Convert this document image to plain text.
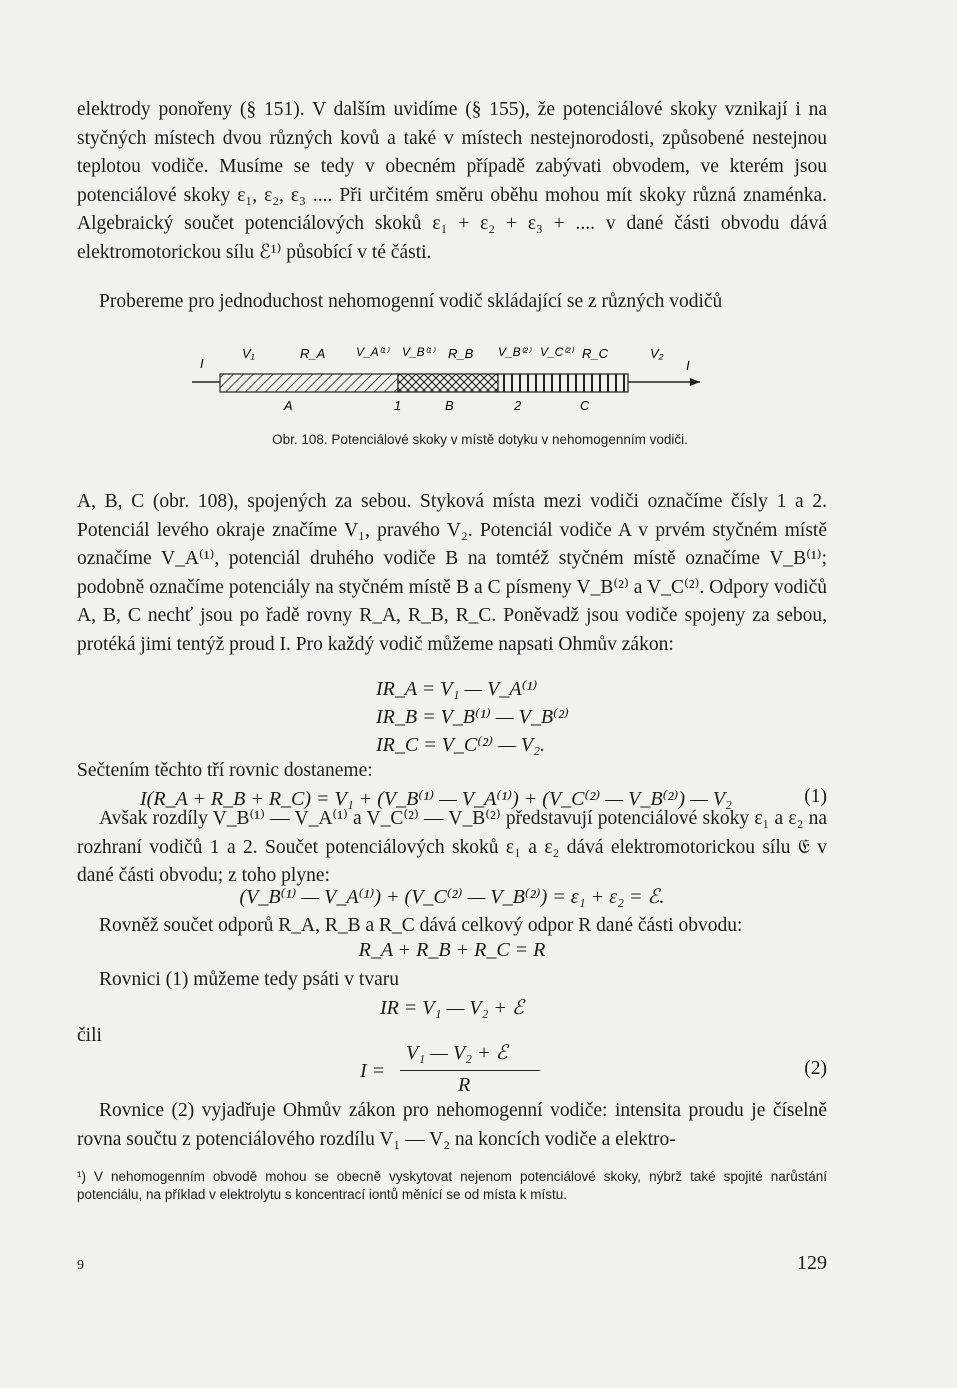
elektrody ponořeny (§ 151). V dalším uvidíme (§ 155), že potenciálové skoky vznikají i na styčných místech dvou různých kovů a také v místech nestejnorodosti, způsobené nestejnou teplotou vodiče. Musíme se tedy v obecném případě zabývati obvodem, ve kterém jsou potenciálové skoky ε₁, ε₂, ε₃ .... Při určitém směru oběhu mohou mít skoky různá znaménka. Algebraický součet potenciálových skoků ε₁ + ε₂ + ε₃ + .... v dané části obvodu dává elektromotorickou sílu ℰ¹⁾ působící v té části.

Probereme pro jednoduchost nehomogenní vodič skládající se z různých vodičů

I
V₁	R_A	V_A⁽¹⁾ V_B⁽¹⁾ R_B V_B⁽²⁾ V_C⁽²⁾ R_C	V₂
I
A	1	B	2	C
Obr. 108. Potenciálové skoky v místě dotyku v nehomogenním vodiči.

A, B, C (obr. 108), spojených za sebou. Styková místa mezi vodiči označíme čísly 1 a 2. Potenciál levého okraje značíme V₁, pravého V₂. Potenciál vodiče A v prvém styčném místě označíme V_A⁽¹⁾, potenciál druhého vodiče B na tomtéž styčném místě označíme V_B⁽¹⁾; podobně označíme potenciály na styčném místě B a C písmeny V_B⁽²⁾ a V_C⁽²⁾. Odpory vodičů A, B, C nechť jsou po řadě rovny R_A, R_B, R_C. Poněvadž jsou vodiče spojeny za sebou, protéká jimi tentýž proud I. Pro každý vodič můžeme napsati Ohmův zákon:

IR_A = V₁ — V_A⁽¹⁾
IR_B = V_B⁽¹⁾ — V_B⁽²⁾
IR_C = V_C⁽²⁾ — V₂.

Sečtením těchto tří rovnic dostaneme:

I(R_A + R_B + R_C) = V₁ + (V_B⁽¹⁾ — V_A⁽¹⁾) + (V_C⁽²⁾ — V_B⁽²⁾) — V₂	(1)

Avšak rozdíly V_B⁽¹⁾ — V_A⁽¹⁾ a V_C⁽²⁾ — V_B⁽²⁾ představují potenciálové skoky ε₁ a ε₂ na rozhraní vodičů 1 a 2. Součet potenciálových skoků ε₁ a ε₂ dává elektromotorickou sílu 𝔈 v dané části obvodu; z toho plyne:

(V_B⁽¹⁾ — V_A⁽¹⁾) + (V_C⁽²⁾ — V_B⁽²⁾) = ε₁ + ε₂ = ℰ.

Rovněž součet odporů R_A, R_B a R_C dává celkový odpor R dané části obvodu:

R_A + R_B + R_C = R

Rovnici (1) můžeme tedy psáti v tvaru

IR = V₁ — V₂ + ℰ

čili

I =
V₁ — V₂ + ℰ
R
(2)

Rovnice (2) vyjadřuje Ohmův zákon pro nehomogenní vodiče: intensita proudu je číselně rovna součtu z potenciálového rozdílu V₁ — V₂ na koncích vodiče a elektro-

¹) V nehomogenním obvodě mohou se obecně vyskytovat nejenom potenciálové skoky, nýbrž také spojité narůstání potenciálu, na příklad v elektrolytu s koncentrací iontů měnící se od místa k místu.
9	129
